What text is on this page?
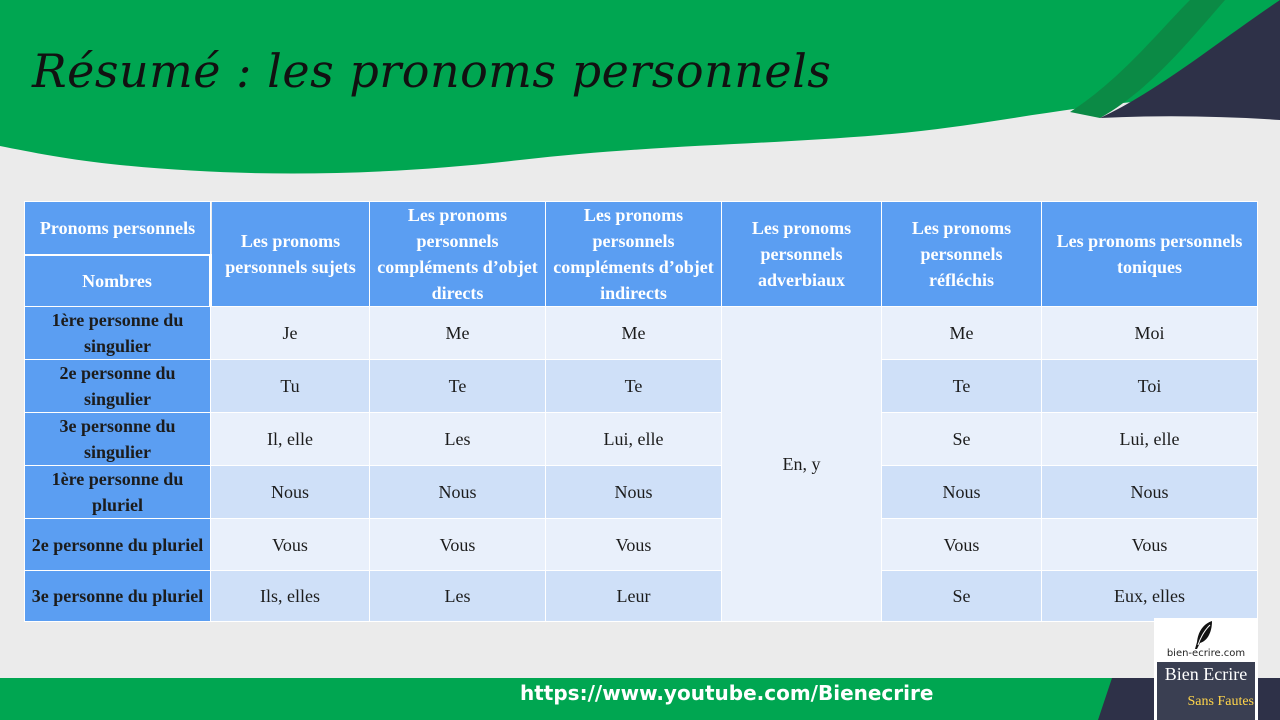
Résumé : les pronoms personnels
Pronoms personnels	Les pronoms personnels sujets	Les pronoms personnels compléments d’objet directs	Les pronoms personnels compléments d’objet indirects	Les pronoms personnels adverbiaux	Les pronoms personnels réfléchis	Les pronoms personnels toniques
Nombres						
1ère personne du singulier	Je	Me	Me	En, y	Me	Moi
2e personne du singulier	Tu	Te	Te		Te	Toi
3e personne du singulier	Il, elle	Les	Lui, elle		Se	Lui, elle
1ère personne du pluriel	Nous	Nous	Nous		Nous	Nous
2e personne du pluriel	Vous	Vous	Vous		Vous	Vous
3e personne du pluriel	Ils, elles	Les	Leur		Se	Eux, elles
https://www.youtube.com/Bienecrire
bien-ecrire.com
Bien Ecrire
Sans Fautes
